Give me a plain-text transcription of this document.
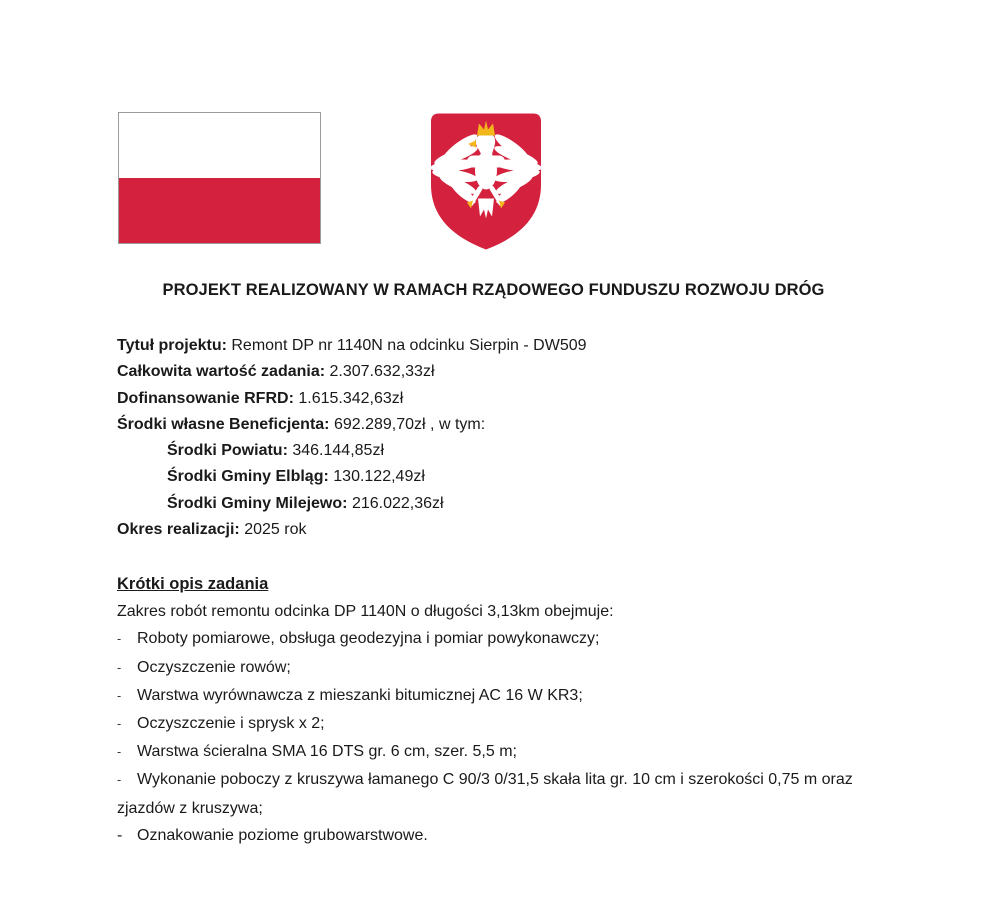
PROJEKT REALIZOWANY W RAMACH RZĄDOWEGO FUNDUSZU ROZWOJU DRÓG

Tytuł projektu: Remont DP nr 1140N na odcinku Sierpin - DW509

Całkowita wartość zadania: 2.307.632,33zł

Dofinansowanie RFRD: 1.615.342,63zł

Środki własne Beneficjenta: 692.289,70zł , w tym:

Środki Powiatu: 346.144,85zł

Środki Gminy Elbląg: 130.122,49zł

Środki Gminy Milejewo: 216.022,36zł

Okres realizacji: 2025 rok

Krótki opis zadania

Zakres robót remontu odcinka DP 1140N o długości 3,13km obejmuje:

- Roboty pomiarowe, obsługa geodezyjna i pomiar powykonawczy;

- Oczyszczenie rowów;

- Warstwa wyrównawcza z mieszanki bitumicznej AC 16 W KR3;

- Oczyszczenie i sprysk x 2;

- Warstwa ścieralna SMA 16 DTS gr. 6 cm, szer. 5,5 m;

- Wykonanie poboczy z kruszywa łamanego C 90/3 0/31,5 skała lita gr. 10 cm i szerokości 0,75 m oraz zjazdów z kruszywa;

- Oznakowanie poziome grubowarstwowe.
